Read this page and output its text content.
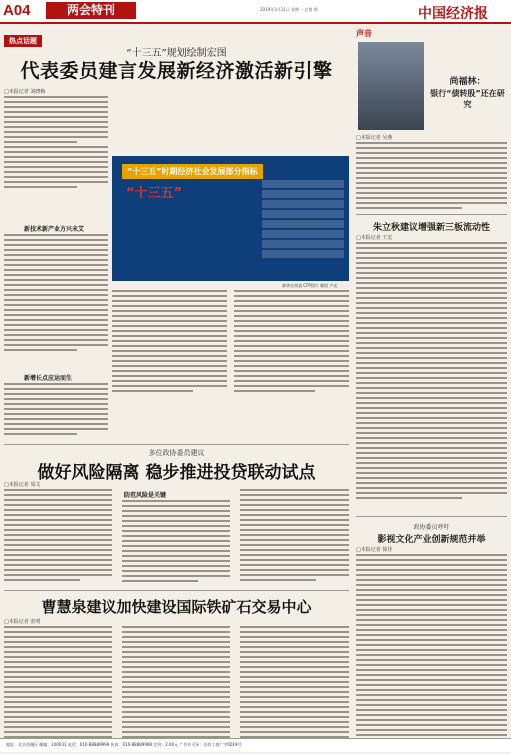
A04	两会特刊	2019年3月11日 星期一 总第 期	中国经济报
热点话题
“十三五”规划绘制宏图
代表委员建言发展新经济激活新引擎
□本报记者 刘晓梅
新技术新产业方兴未艾
新增长点应运而生
“十三五”时期经济社会发展部分指标
“十三五”
新华社图表 CFP图片 制图 卢光
多位政协委员建议
做好风险隔离 稳步推进投贷联动试点
□本报记者 周文
防范风险是关键
曹慧泉建议加快建设国际铁矿石交易中心
□本报记者 张明
声音
尚福林：
银行“债转股”还在研究
□本报记者 吴燕
朱立秋建议增强新三板流动性
□本报记者 王宏
政协委员呼吁
影视文化产业创新规范并举
□本报记者 徐佳
地址：北京西城区 邮编：100031 电话：010-88889999 传真：010-88889998 定价：2.00元 广告许可证：京西工商广字0019号
